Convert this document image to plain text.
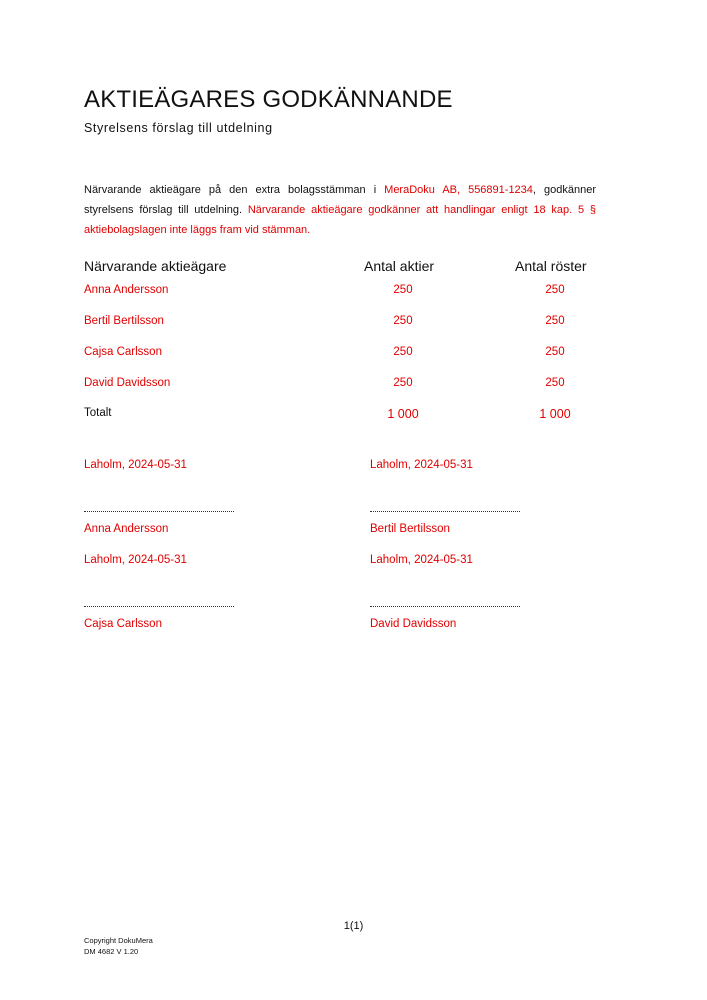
AKTIEÄGARES GODKÄNNANDE
Styrelsens förslag till utdelning

Närvarande aktieägare på den extra bolagsstämman i MeraDoku AB, 556891-1234, godkänner styrelsens förslag till utdelning. Närvarande aktieägare godkänner att handlingar enligt 18 kap. 5 § aktiebolagslagen inte läggs fram vid stämman.

Närvarande aktieägare	Antal aktier	Antal röster
Anna Andersson	250	250
Bertil Bertilsson	250	250
Cajsa Carlsson	250	250
David Davidsson	250	250
Totalt	1 000	1 000
Laholm, 2024-05-31
Anna Andersson
Laholm, 2024-05-31
Bertil Bertilsson
Laholm, 2024-05-31
Cajsa Carlsson
Laholm, 2024-05-31
David Davidsson
1(1)
Copyright DokuMera
DM 4682 V 1.20
